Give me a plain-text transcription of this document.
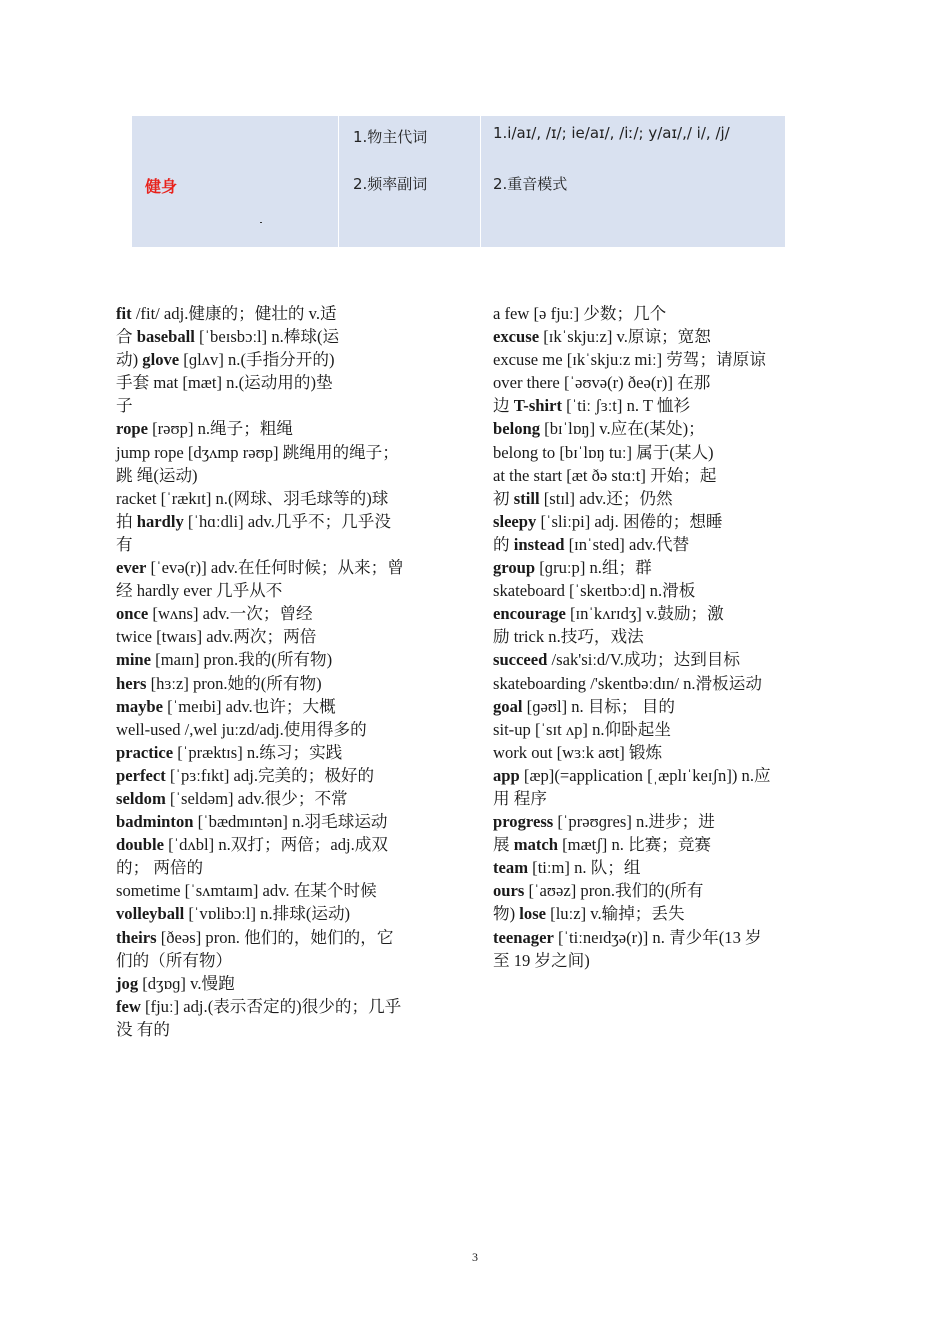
健身
1.物主代词
2.频率副词
1.i/aɪ/, /ɪ/; ie/aɪ/, /iː/; y/aɪ/,/ i/, /j/
2.重音模式

fit /fit/ adj.健康的；健壮的 v.适
合 baseball [ˈbeɪsbɔːl] n.棒球(运
动) glove [ɡlʌv] n.(手指分开的)
手套 mat [mæt] n.(运动用的)垫
子

rope [rəʊp] n.绳子；粗绳

jump rope [dʒʌmp rəʊp] 跳绳用的绳子；
跳 绳(运动)

racket [ˈrækɪt] n.(网球、羽毛球等的)球
拍 hardly [ˈhɑːdli] adv.几乎不；几乎没
有

ever [ˈevə(r)] adv.在任何时候；从来；曾
经 hardly ever 几乎从不

once [wʌns] adv.一次；曾经

twice [twaɪs] adv.两次；两倍

mine [maɪn] pron.我的(所有物)

hers [hɜːz] pron.她的(所有物)

maybe [ˈmeɪbi] adv.也许；大概

well-used /,wel juːzd/adj.使用得多的

practice [ˈpræktɪs] n.练习；实践

perfect [ˈpɜːfɪkt] adj.完美的；极好的

seldom [ˈseldəm] adv.很少；不常

badminton [ˈbædmɪntən] n.羽毛球运动

double [ˈdʌbl] n.双打；两倍；adj.成双
的； 两倍的

sometime [ˈsʌmtaɪm] adv. 在某个时候

volleyball [ˈvɒlibɔːl] n.排球(运动)

theirs [ðeəs] pron. 他们的，她们的，它
们的（所有物）

jog [dʒɒɡ] v.慢跑

few [fjuː] adj.(表示否定的)很少的；几乎
没 有的

a few [ə fjuː] 少数；几个

excuse [ɪkˈskjuːz] v.原谅；宽恕

excuse me [ɪkˈskjuːz miː] 劳驾；请原谅

over there [ˈəʊvə(r) ðeə(r)] 在那
边 T-shirt [ˈtiː ʃɜːt] n. T 恤衫

belong [bɪˈlɒŋ] v.应在(某处)；

belong to [bɪˈlɒŋ tuː] 属于(某人)

at the start [æt ðə stɑːt] 开始；起
初 still [stɪl] adv.还；仍然

sleepy [ˈsliːpi] adj. 困倦的；想睡
的 instead [ɪnˈsted] adv.代替

group [ɡruːp] n.组；群

skateboard [ˈskeɪtbɔːd] n.滑板

encourage [ɪnˈkʌrɪdʒ] v.鼓励；激
励 trick n.技巧，戏法

succeed /sak'siːd/V.成功；达到目标

skateboarding /'skentbəːdɪn/ n.滑板运动

goal [ɡəʊl] n. 目标； 目的

sit-up [ˈsɪt ʌp] n.仰卧起坐

work out [wɜːk aʊt] 锻炼

app [æp](=application [ˌæplɪˈkeɪʃn]) n.应
用 程序

progress [ˈprəʊɡres] n.进步；进
展 match [mætʃ] n. 比赛；竞赛

team [tiːm] n. 队；组

ours [ˈaʊəz] pron.我们的(所有
物) lose [luːz] v.输掉；丢失

teenager [ˈtiːneɪdʒə(r)] n. 青少年(13 岁
至 19 岁之间)

3
